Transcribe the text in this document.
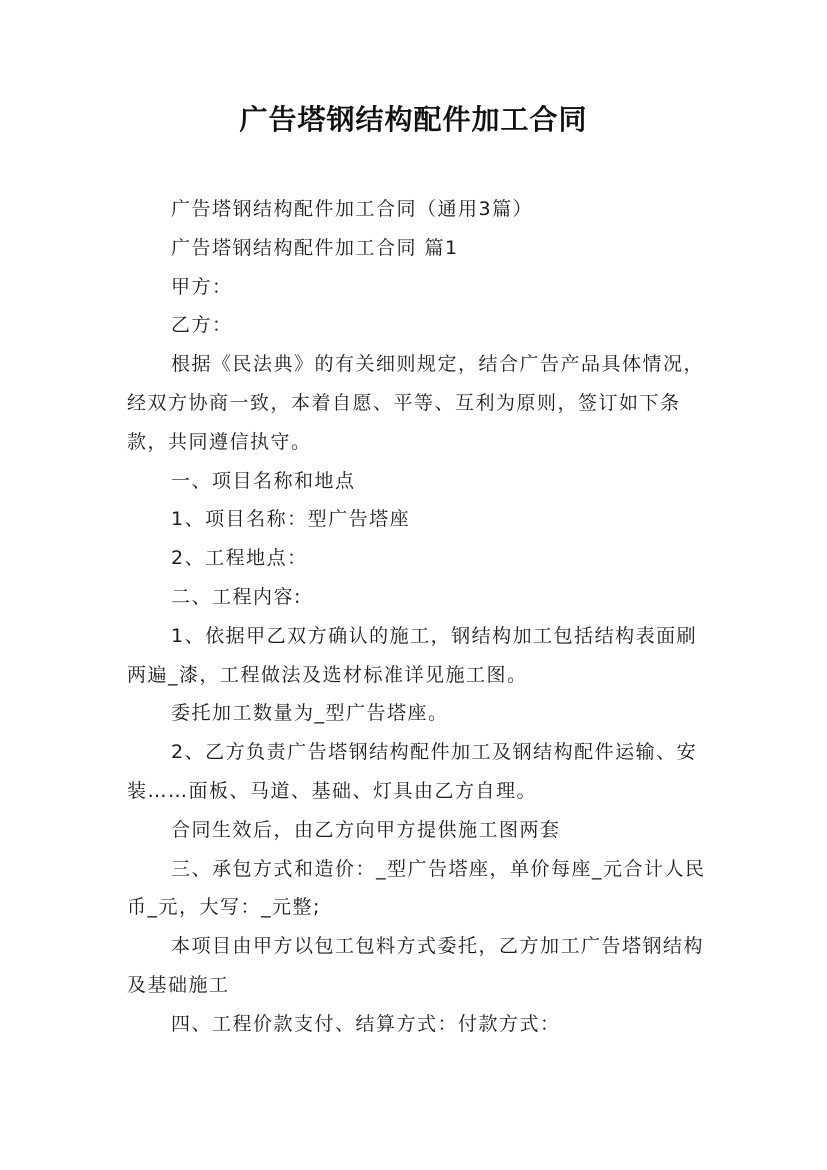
广告塔钢结构配件加工合同

广告塔钢结构配件加工合同（通用3篇）

广告塔钢结构配件加工合同 篇1

甲方：

乙方：

根据《民法典》的有关细则规定，结合广告产品具体情况，经双方协商一致，本着自愿、平等、互利为原则，签订如下条款，共同遵信执守。

一、项目名称和地点

1、项目名称：型广告塔座

2、工程地点：

二、工程内容:

1、依据甲乙双方确认的施工，钢结构加工包括结构表面刷两遍_漆，工程做法及选材标准详见施工图。

委托加工数量为_型广告塔座。

2、乙方负责广告塔钢结构配件加工及钢结构配件运输、安装……面板、马道、基础、灯具由乙方自理。

合同生效后，由乙方向甲方提供施工图两套

三、承包方式和造价：_型广告塔座，单价每座_元合计人民币_元，大写：_元整;

本项目由甲方以包工包料方式委托，乙方加工广告塔钢结构及基础施工

四、工程价款支付、结算方式：付款方式：
